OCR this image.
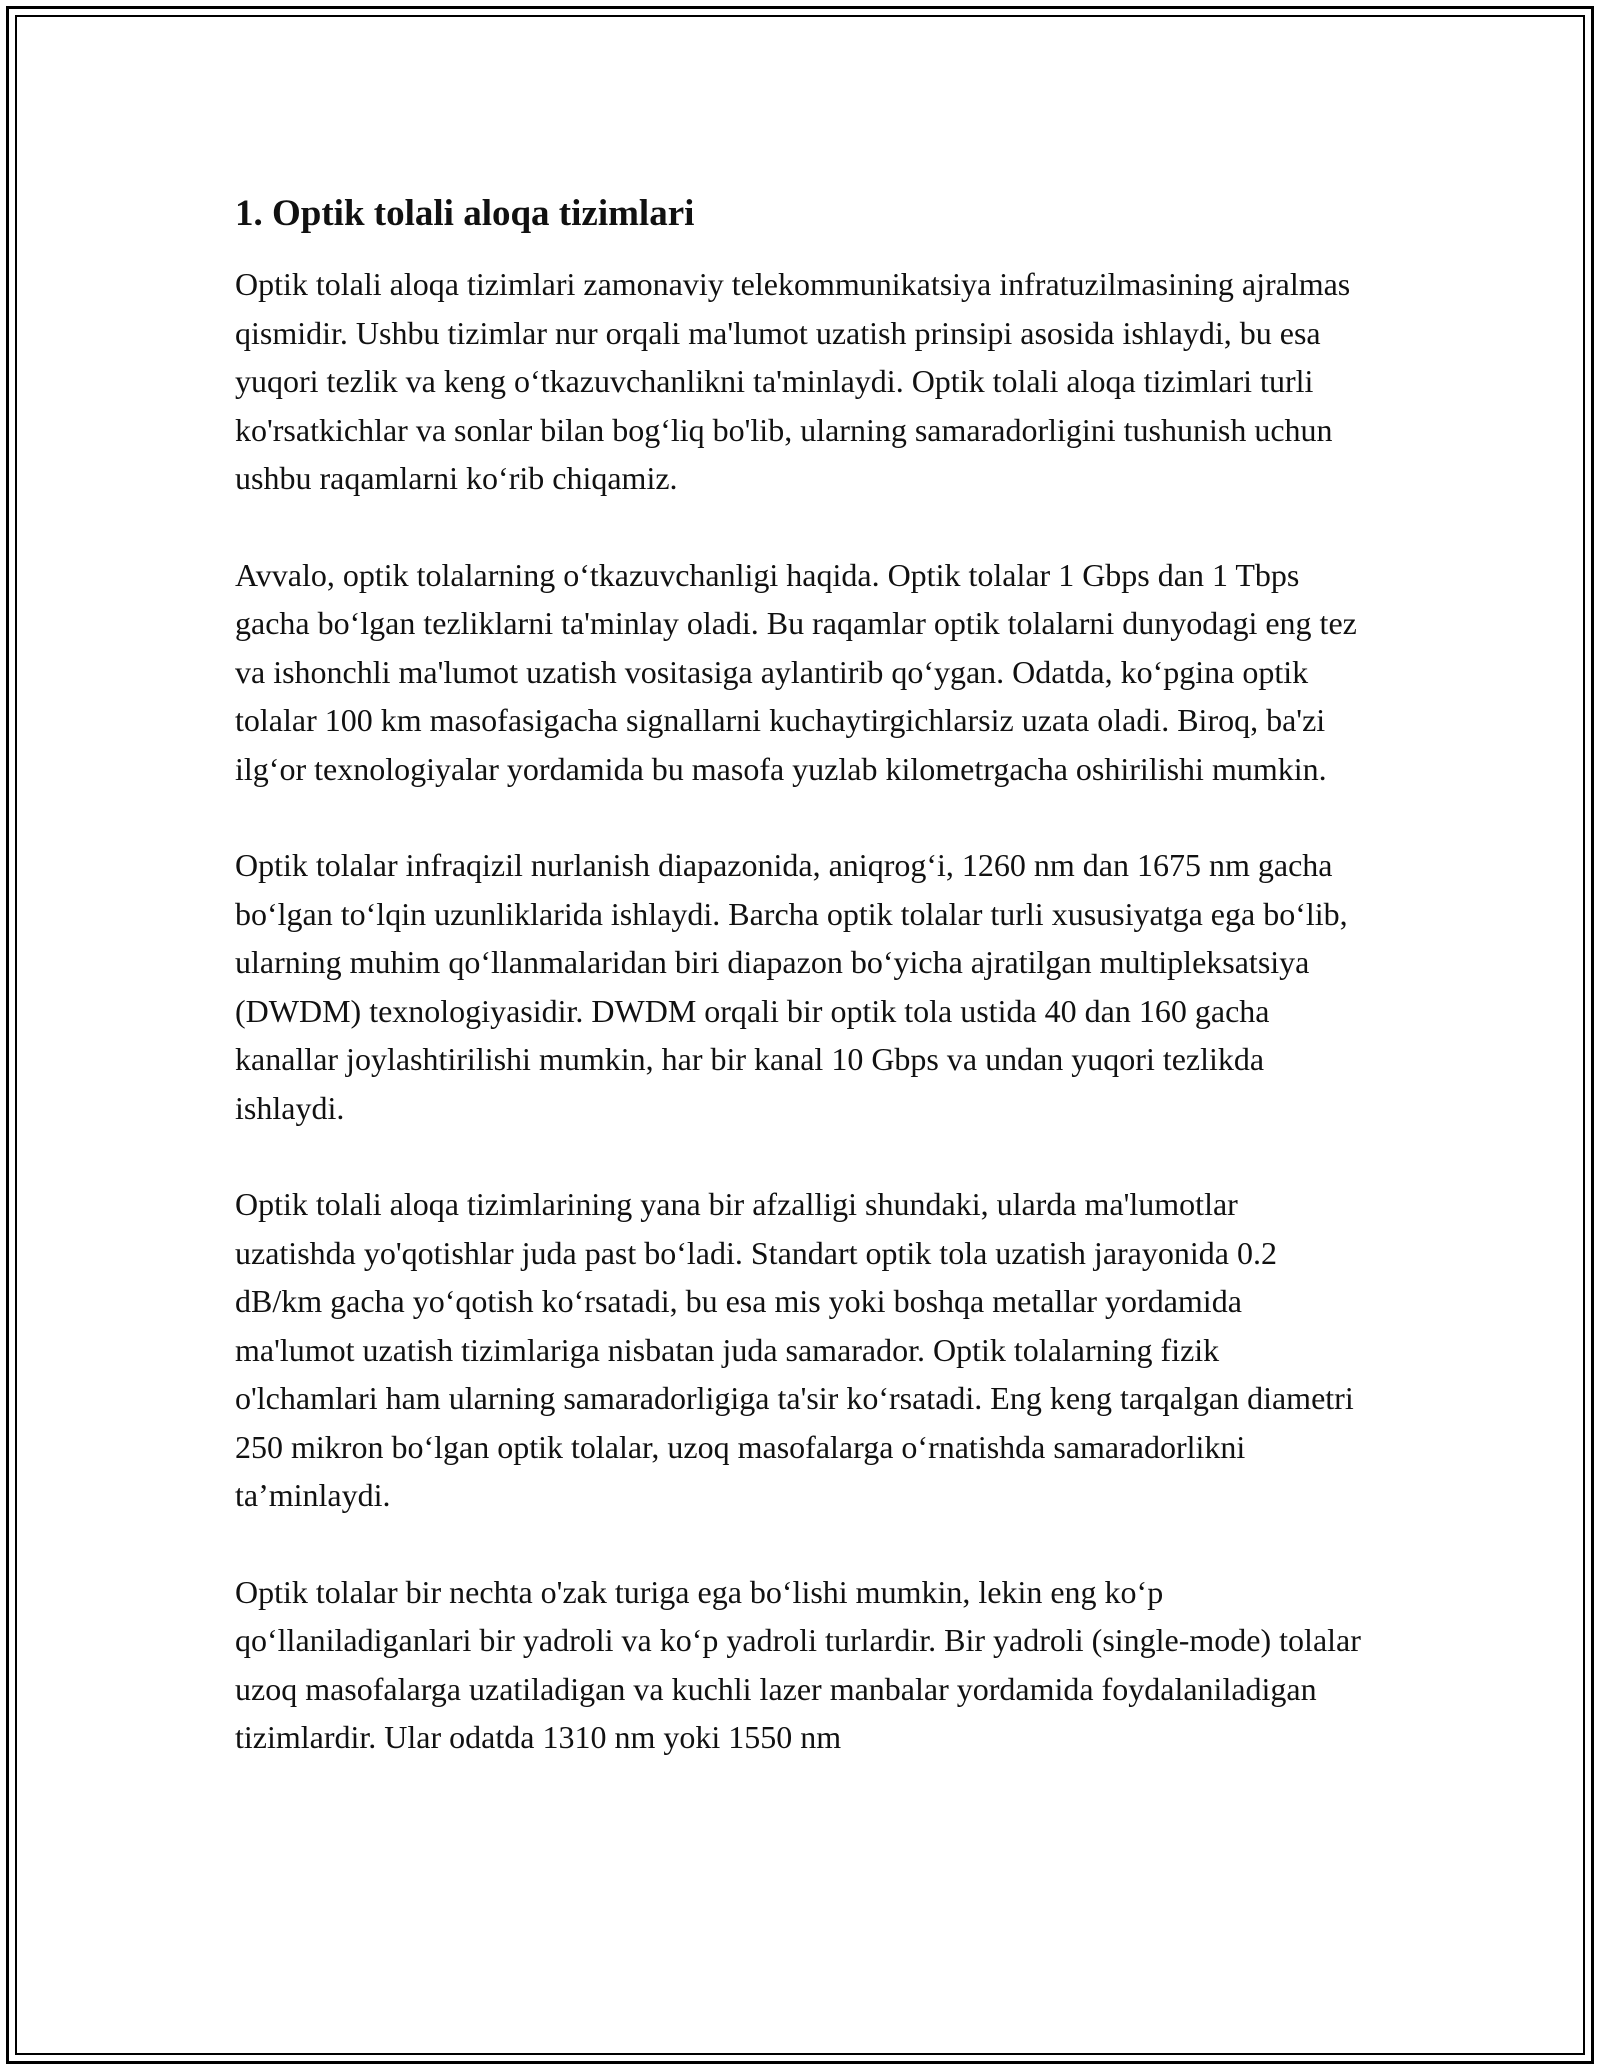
1. Optik tolali aloqa tizimlari

Optik tolali aloqa tizimlari zamonaviy telekommunikatsiya infratuzilmasining ajralmas qismidir. Ushbu tizimlar nur orqali ma'lumot uzatish prinsipi asosida ishlaydi, bu esa yuqori tezlik va keng o‘tkazuvchanlikni ta'minlaydi. Optik tolali aloqa tizimlari turli ko'rsatkichlar va sonlar bilan bog‘liq bo'lib, ularning samaradorligini tushunish uchun ushbu raqamlarni ko‘rib chiqamiz.

Avvalo, optik tolalarning o‘tkazuvchanligi haqida. Optik tolalar 1 Gbps dan 1 Tbps gacha bo‘lgan tezliklarni ta'minlay oladi. Bu raqamlar optik tolalarni dunyodagi eng tez va ishonchli ma'lumot uzatish vositasiga aylantirib qo‘ygan. Odatda, ko‘pgina optik tolalar 100 km masofasigacha signallarni kuchaytirgichlarsiz uzata oladi. Biroq, ba'zi ilg‘or texnologiyalar yordamida bu masofa yuzlab kilometrgacha oshirilishi mumkin.

Optik tolalar infraqizil nurlanish diapazonida, aniqrog‘i, 1260 nm dan 1675 nm gacha bo‘lgan to‘lqin uzunliklarida ishlaydi. Barcha optik tolalar turli xususiyatga ega bo‘lib, ularning muhim qo‘llanmalaridan biri diapazon bo‘yicha ajratilgan multipleksatsiya (DWDM) texnologiyasidir. DWDM orqali bir optik tola ustida 40 dan 160 gacha kanallar joylashtirilishi mumkin, har bir kanal 10 Gbps va undan yuqori tezlikda ishlaydi.

Optik tolali aloqa tizimlarining yana bir afzalligi shundaki, ularda ma'lumotlar uzatishda yo'qotishlar juda past bo‘ladi. Standart optik tola uzatish jarayonida 0.2 dB/km gacha yo‘qotish ko‘rsatadi, bu esa mis yoki boshqa metallar yordamida ma'lumot uzatish tizimlariga nisbatan juda samarador. Optik tolalarning fizik o'lchamlari ham ularning samaradorligiga ta'sir ko‘rsatadi. Eng keng tarqalgan diametri 250 mikron bo‘lgan optik tolalar, uzoq masofalarga o‘rnatishda samaradorlikni ta’minlaydi.

Optik tolalar bir nechta o'zak turiga ega bo‘lishi mumkin, lekin eng ko‘p qo‘llaniladiganlari bir yadroli va ko‘p yadroli turlardir. Bir yadroli (single-mode) tolalar uzoq masofalarga uzatiladigan va kuchli lazer manbalar yordamida foydalaniladigan tizimlardir. Ular odatda 1310 nm yoki 1550 nm
